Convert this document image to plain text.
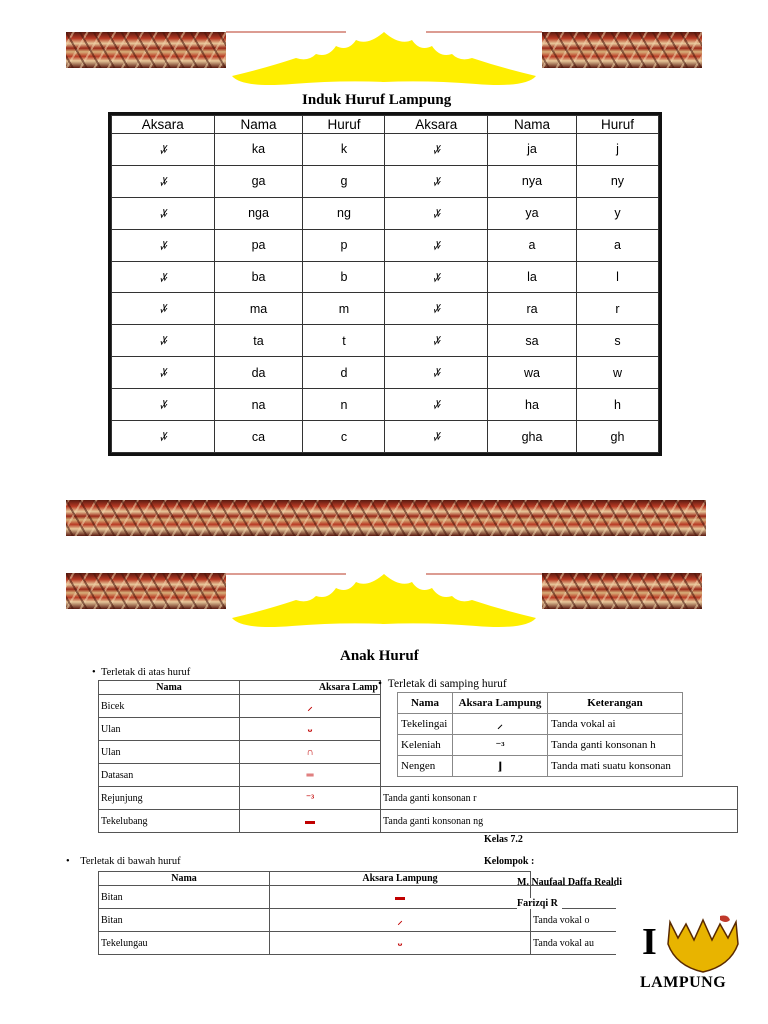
Induk Huruf Lampung
Aksara	Nama	Huruf	Aksara	Nama	Huruf
ꤸ	ka	k	ꤸ	ja	j
ꤸ	ga	g	ꤸ	nya	ny
ꤸ	nga	ng	ꤸ	ya	y
ꤸ	pa	p	ꤸ	a	a
ꤸ	ba	b	ꤸ	la	l
ꤸ	ma	m	ꤸ	ra	r
ꤸ	ta	t	ꤸ	sa	s
ꤸ	da	d	ꤸ	wa	w
ꤸ	na	n	ꤸ	ha	h
ꤸ	ca	c	ꤸ	gha	gh
Anak Huruf
•  Terletak di atas huruf
Nama	Aksara Lamp	
Bicek	⸝	
Ulan	ᴗ	
Ulan	∩	
Datasan	═	
Rejunjung	⁻³	Tanda ganti konsonan r
Tekelubang	▬	Tanda ganti konsonan ng
•  Terletak di samping huruf
Nama	Aksara Lampung	Keterangan
Tekelingai	⸝	Tanda vokal ai
Keleniah	⁻³	Tanda ganti konsonan h
Nengen	⌋	Tanda mati suatu konsonan
•    Terletak di bawah huruf
Nama	Aksara Lampung	
Bitan	▬	
Bitan	⸝	Tanda vokal o
Tekelungau	ᴗ	Tanda vokal au
Kelas 7.2
Kelompok :
M. Naufaal Daffa Realdi
Farizqi R
I
LAMPUNG
